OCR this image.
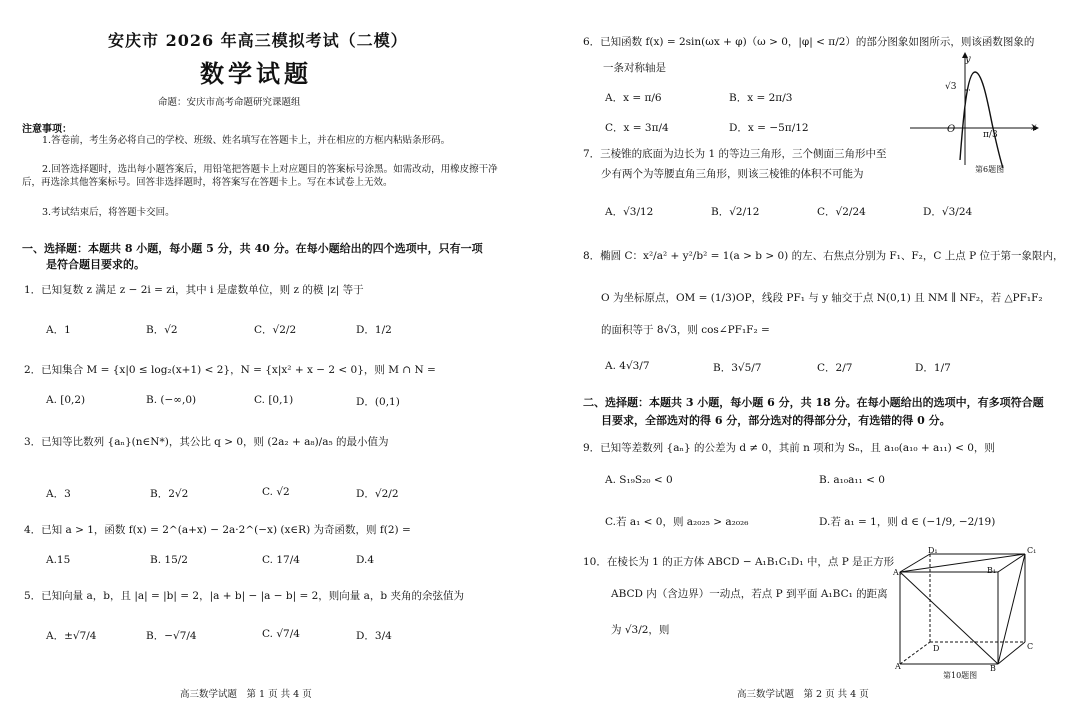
安庆市 2026 年高三模拟考试（二模）
数学试题
命题：安庆市高考命题研究课题组
注意事项：
1.答卷前，考生务必将自己的学校、班级、姓名填写在答题卡上，并在相应的方框内粘贴条形码。
2.回答选择题时，选出每小题答案后，用铅笔把答题卡上对应题目的答案标号涂黑。如需改动，用橡皮擦干净后，再选涂其他答案标号。回答非选择题时，将答案写在答题卡上。写在本试卷上无效。
3.考试结束后，将答题卡交回。
一、选择题：本题共 8 小题，每小题 5 分，共 40 分。在每小题给出的四个选项中，只有一项
是符合题目要求的。
1．已知复数 z 满足 z − 2i = zi，其中 i 是虚数单位，则 z 的模 |z| 等于
A．1	B．√2	C．√2/2	D．1/2
2．已知集合 M = {x|0 ≤ log₂(x+1) < 2}，N = {x|x² + x − 2 < 0}，则 M ∩ N =
A. [0,2)	B. (−∞,0)	C. [0,1)	D．(0,1)
3．已知等比数列 {aₙ}(n∈N*)，其公比 q > 0，则 (2a₂ + a₈)/a₅ 的最小值为
A．3	B．2√2	C. √2	D．√2/2
4．已知 a > 1，函数 f(x) = 2^(a+x) − 2a·2^(−x) (x∈R) 为奇函数，则 f(2) =
A.15	B. 15/2	C. 17/4	D.4
5．已知向量 a，b，且 |a| = |b| = 2，|a + b| − |a − b| = 2，则向量 a，b 夹角的余弦值为
A．±√7/4	B．−√7/4	C. √7/4	D．3/4
高三数学试题　第 1 页 共 4 页
6．已知函数 f(x) = 2sin(ωx + φ)（ω > 0，|φ| < π/2）的部分图象如图所示，则该函数图象的
一条对称轴是
A．x = π/6	B．x = 2π/3
C．x = 3π/4	D．x = −5π/12
y
x
O
√3
π/3
第6题图
7．三棱锥的底面为边长为 1 的等边三角形，三个侧面三角形中至
少有两个为等腰直角三角形，则该三棱锥的体积不可能为
A．√3/12	B．√2/12	C．√2/24	D．√3/24
8．椭圆 C：x²/a² + y²/b² = 1(a > b > 0) 的左、右焦点分别为 F₁、F₂，C 上点 P 位于第一象限内，
O 为坐标原点，OM = (1/3)OP，线段 PF₁ 与 y 轴交于点 N(0,1) 且 NM ∥ NF₂，若 △PF₁F₂
的面积等于 8√3，则 cos∠PF₁F₂ =
A. 4√3/7	B．3√5/7	C．2/7	D．1/7
二、选择题：本题共 3 小题，每小题 6 分，共 18 分。在每小题给出的选项中，有多项符合题
目要求，全部选对的得 6 分，部分选对的得部分分，有选错的得 0 分。
9．已知等差数列 {aₙ} 的公差为 d ≠ 0，其前 n 项和为 Sₙ，且 a₁₀(a₁₀ + a₁₁) < 0，则
A. S₁₉S₂₀ < 0	B. a₁₀a₁₁ < 0
C.若 a₁ < 0，则 a₂₀₂₅ > a₂₀₂₆	D.若 a₁ = 1，则 d ∈ (−1/9, −2/19)
10．在棱长为 1 的正方体 ABCD − A₁B₁C₁D₁ 中，点 P 是正方形
ABCD 内（含边界）一动点，若点 P 到平面 A₁BC₁ 的距离
为 √3/2，则
D₁	C₁
A₁	B₁
D	C
A	B
第10题图
高三数学试题　第 2 页 共 4 页
